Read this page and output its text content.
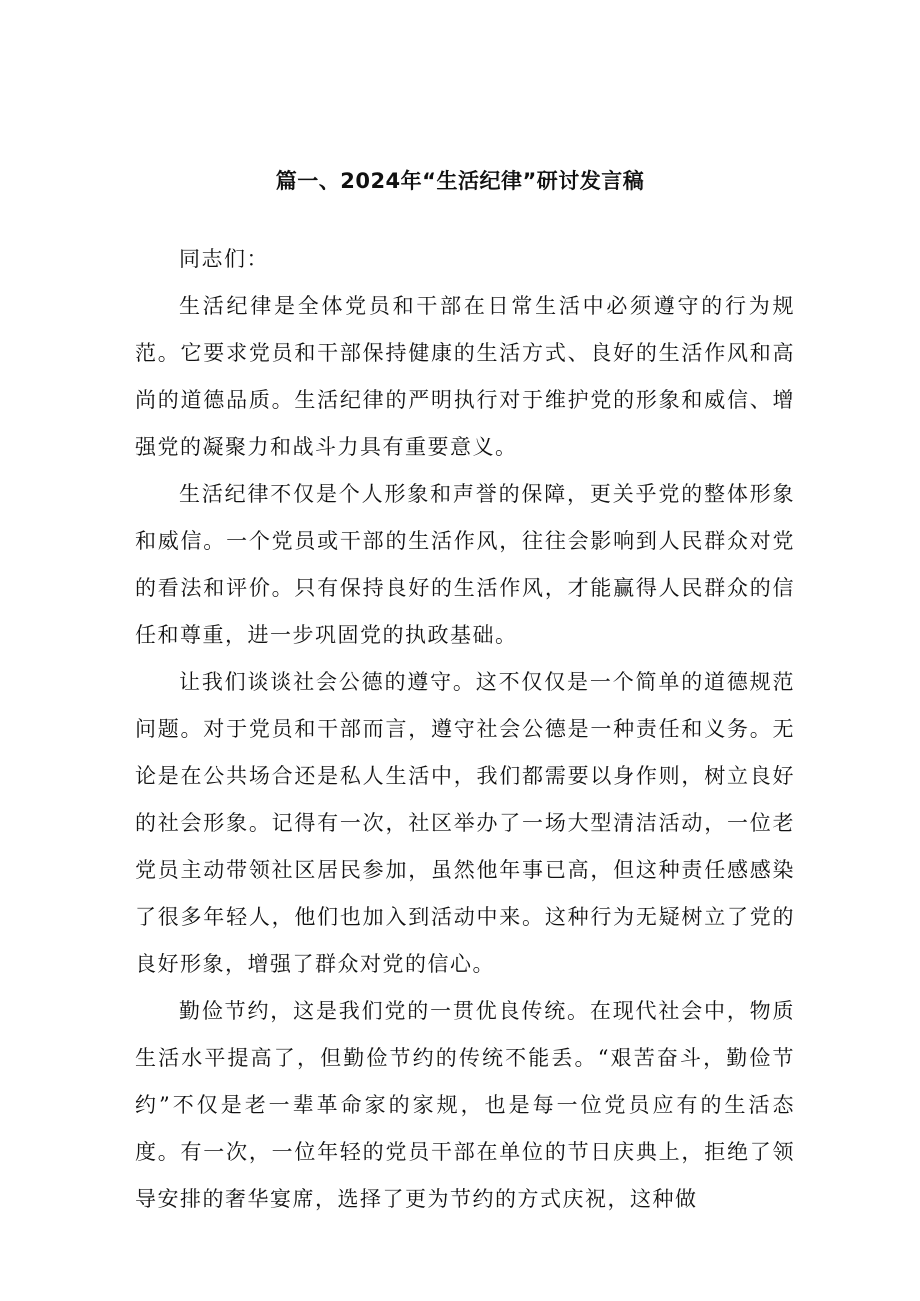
篇一、2024年“生活纪律”研讨发言稿

同志们：

生活纪律是全体党员和干部在日常生活中必须遵守的行为规范。它要求党员和干部保持健康的生活方式、良好的生活作风和高尚的道德品质。生活纪律的严明执行对于维护党的形象和威信、增强党的凝聚力和战斗力具有重要意义。

生活纪律不仅是个人形象和声誉的保障，更关乎党的整体形象和威信。一个党员或干部的生活作风，往往会影响到人民群众对党的看法和评价。只有保持良好的生活作风，才能赢得人民群众的信任和尊重，进一步巩固党的执政基础。

让我们谈谈社会公德的遵守。这不仅仅是一个简单的道德规范问题。对于党员和干部而言，遵守社会公德是一种责任和义务。无论是在公共场合还是私人生活中，我们都需要以身作则，树立良好的社会形象。记得有一次，社区举办了一场大型清洁活动，一位老党员主动带领社区居民参加，虽然他年事已高，但这种责任感感染了很多年轻人，他们也加入到活动中来。这种行为无疑树立了党的良好形象，增强了群众对党的信心。

勤俭节约，这是我们党的一贯优良传统。在现代社会中，物质生活水平提高了，但勤俭节约的传统不能丢。“艰苦奋斗，勤俭节约”不仅是老一辈革命家的家规，也是每一位党员应有的生活态度。有一次，一位年轻的党员干部在单位的节日庆典上，拒绝了领导安排的奢华宴席，选择了更为节约的方式庆祝，这种做
